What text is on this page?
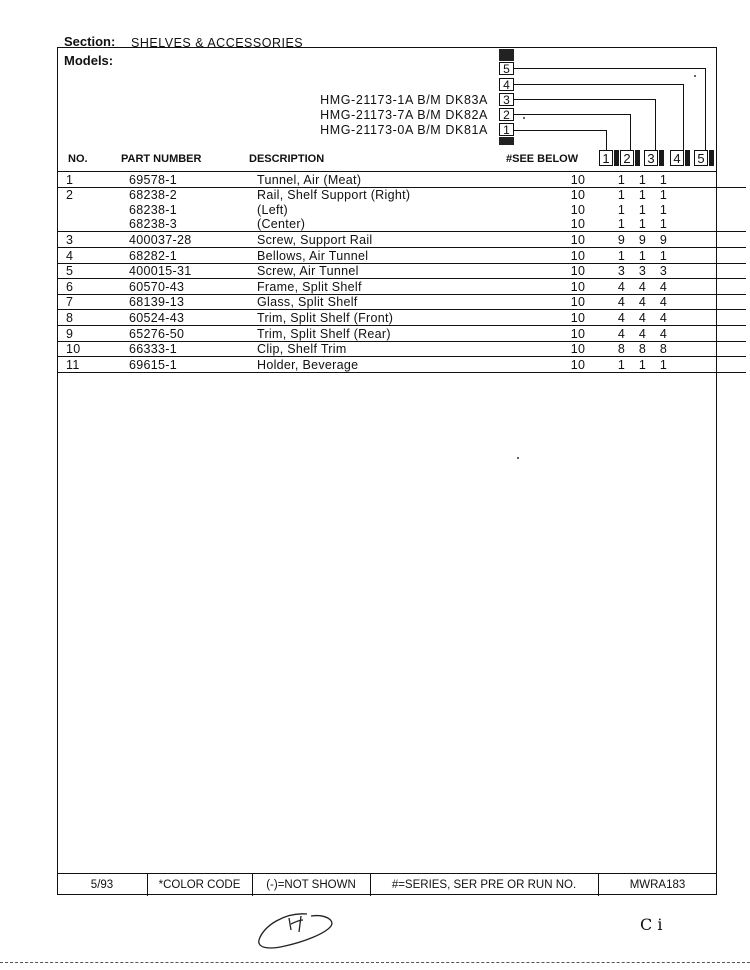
Section: SHELVES & ACCESSORIES
Models:
HMG-21173-1A B/M DK83A
HMG-21173-7A B/M DK82A
HMG-21173-0A B/M DK81A
5
4
3
2
1
NO.	PART NUMBER	DESCRIPTION	#SEE BELOW 1 2 3 4 5
1	69578-1	Tunnel, Air (Meat)	10	1	1	1	
2	68238-2	Rail, Shelf Support (Right)	10	1	1	1	
	68238-1	(Left)	10	1	1	1	
	68238-3	(Center)	10	1	1	1	
3	400037-28	Screw, Support Rail	10	9	9	9	
4	68282-1	Bellows, Air Tunnel	10	1	1	1	
5	400015-31	Screw, Air Tunnel	10	3	3	3	
6	60570-43	Frame, Split Shelf	10	4	4	4	
7	68139-13	Glass, Split Shelf	10	4	4	4	
8	60524-43	Trim, Split Shelf (Front)	10	4	4	4	
9	65276-50	Trim, Split Shelf (Rear)	10	4	4	4	
10	66333-1	Clip, Shelf Trim	10	8	8	8	
11	69615-1	Holder, Beverage	10	1	1	1	
5/93	*COLOR CODE	(-)=NOT SHOWN	#=SERIES, SER PRE OR RUN NO.	MWRA183
C i
